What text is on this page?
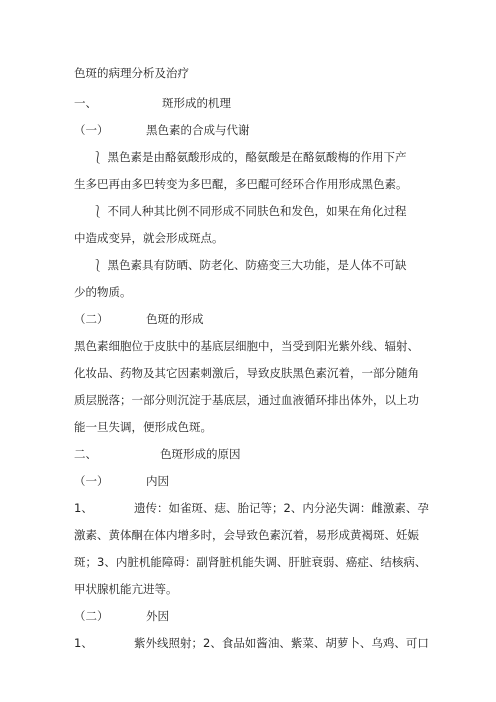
色斑的病理分析及治疗
一、	斑形成的机理
（一）	黑色素的合成与代谢
⎱ 黑色素是由酪氨酸形成的，酪氨酸是在酪氨酸梅的作用下产
生多巴再由多巴转变为多巴醌，多巴醌可经环合作用形成黑色素。
⎱ 不同人种其比例不同形成不同肤色和发色，如果在角化过程
中造成变异，就会形成斑点。
⎱ 黑色素具有防晒、防老化、防癌变三大功能，是人体不可缺
少的物质。
（二）	色斑的形成
黑色素细胞位于皮肤中的基底层细胞中，当受到阳光紫外线、辐射、
化妆品、药物及其它因素刺激后，导致皮肤黑色素沉着，一部分随角
质层脱落；一部分则沉淀于基底层，通过血液循环排出体外，以上功
能一旦失调，便形成色斑。
二、	色斑形成的原因
（一）	内因
1、	遗传：如雀斑、痣、胎记等；2、内分泌失调：雌激素、孕
激素、黄体酮在体内增多时，会导致色素沉着，易形成黄褐斑、妊娠
斑；3、内脏机能障碍：副肾脏机能失调、肝脏衰弱、癌症、结核病、
甲状腺机能亢进等。
（二）	外因
1、	紫外线照射；2、食品如酱油、紫菜、胡萝卜、乌鸡、可口
